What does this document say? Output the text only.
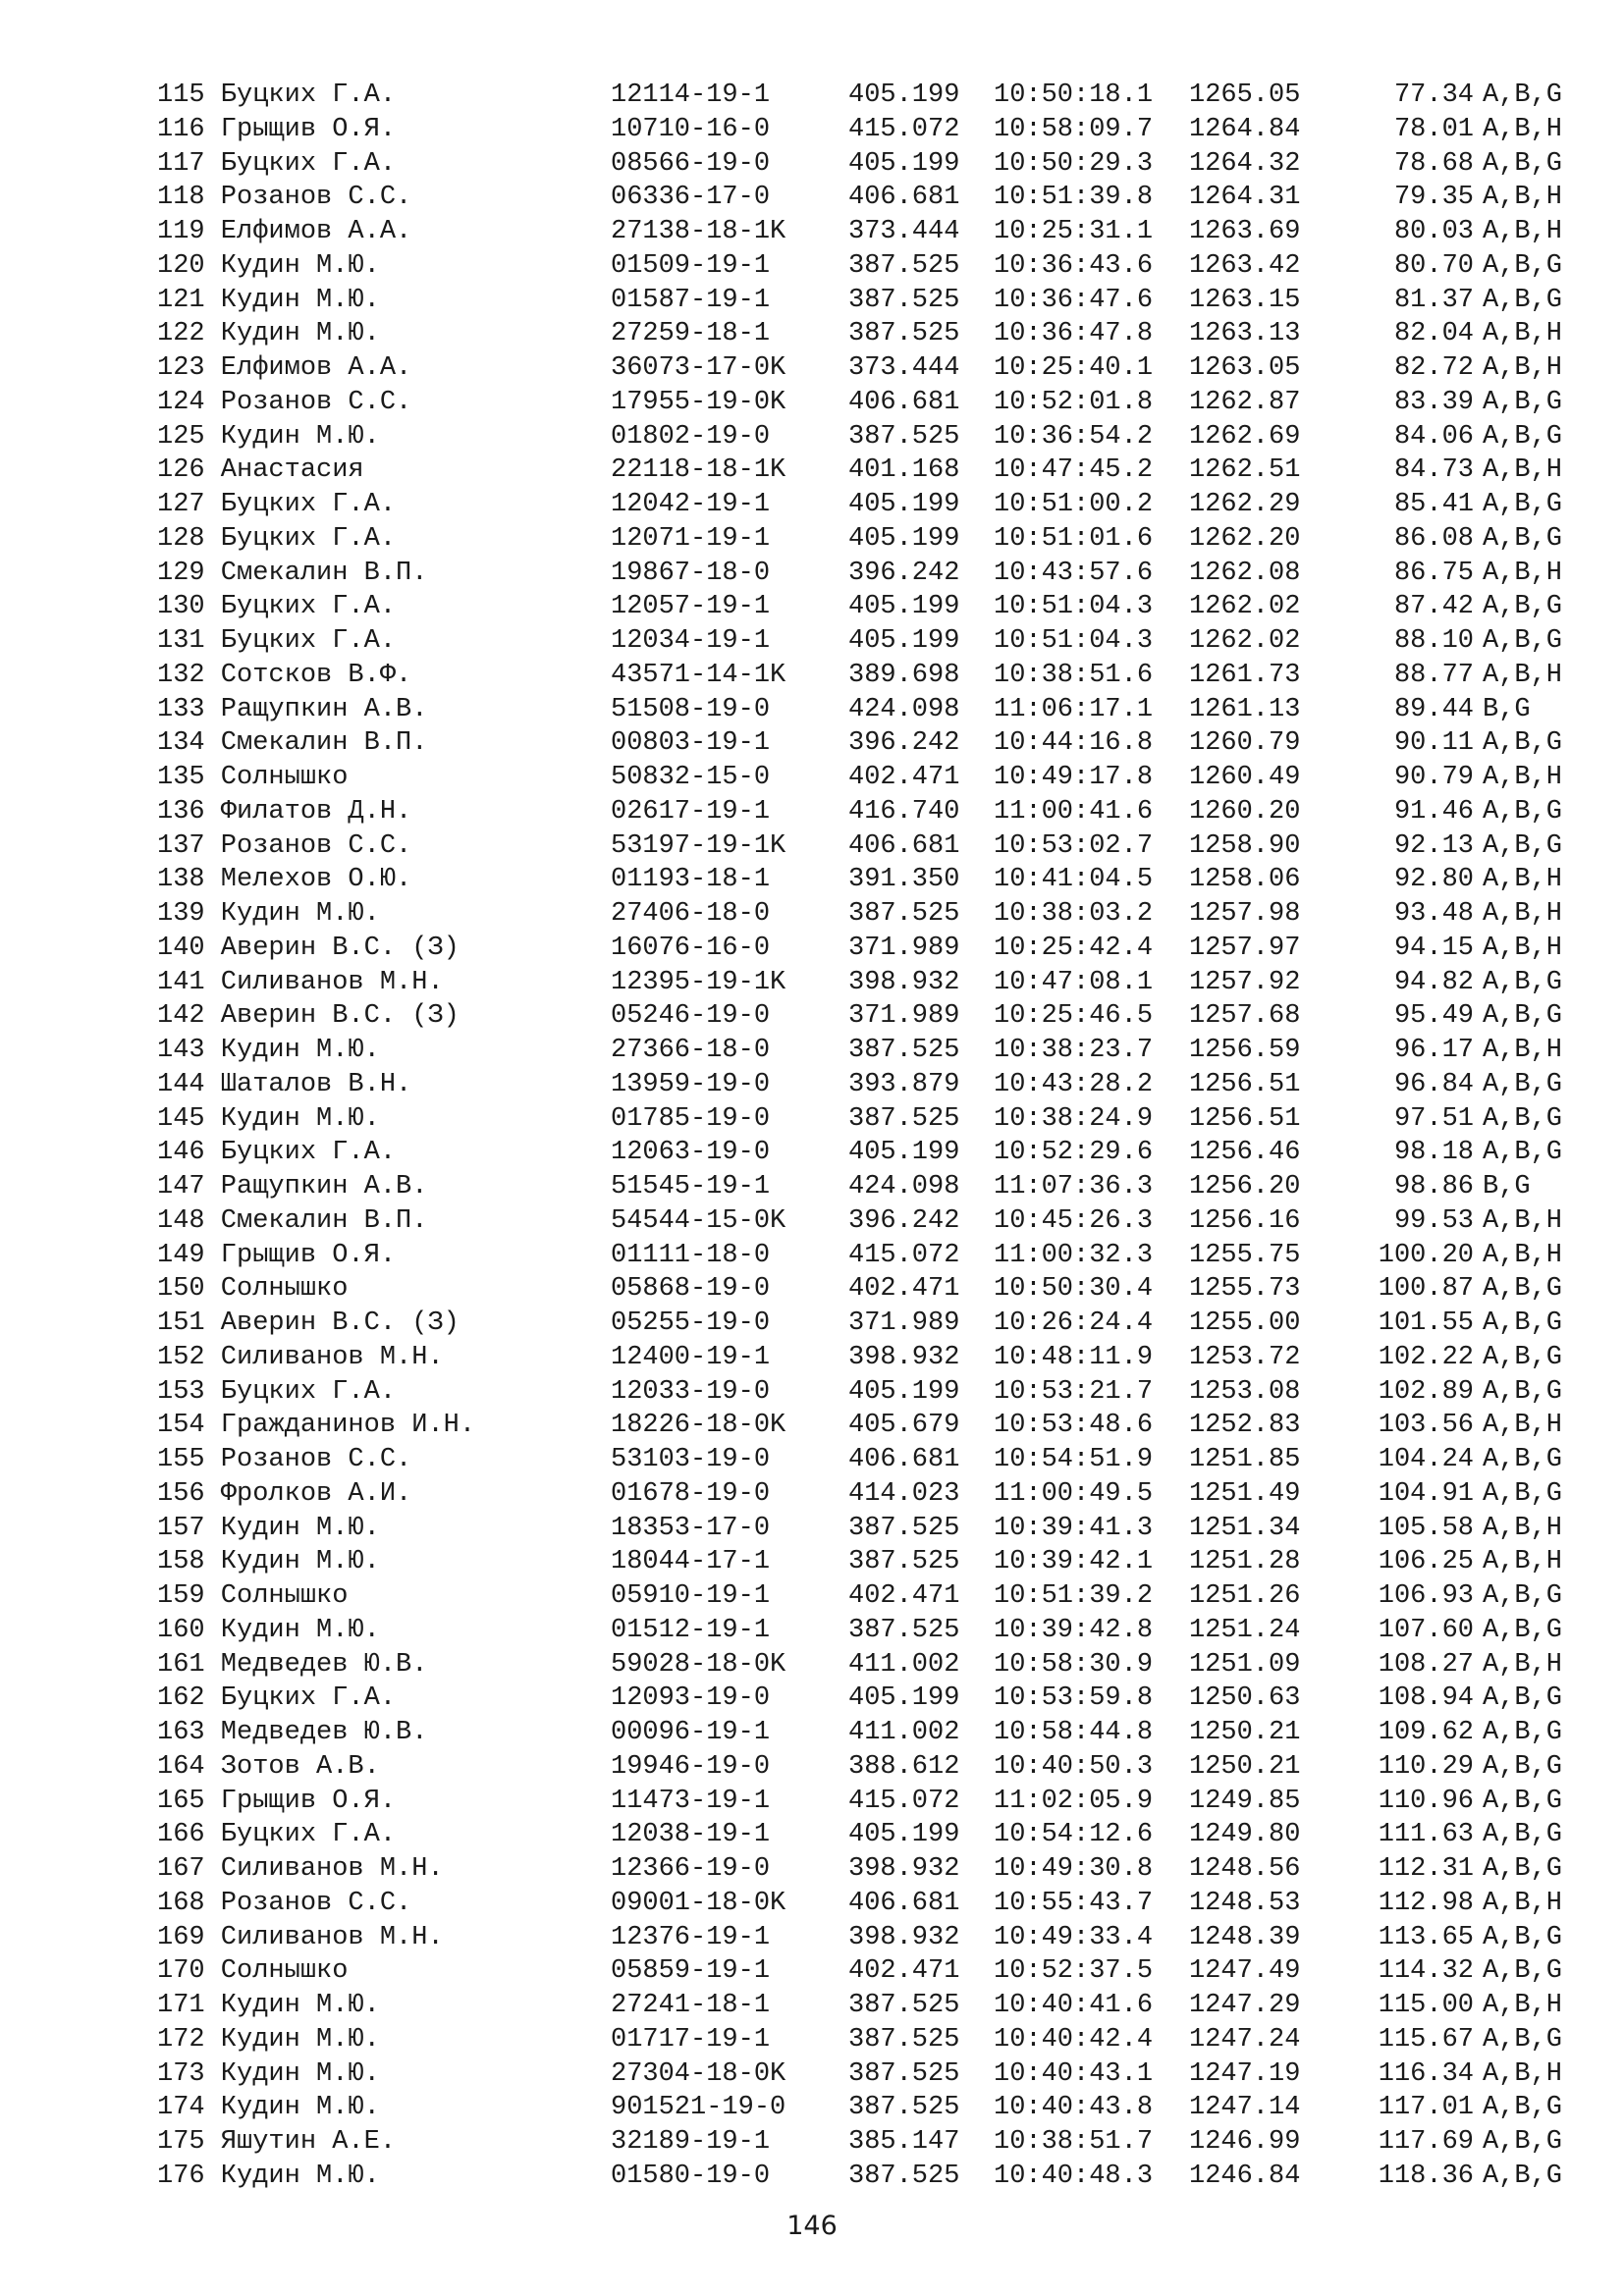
115 Буцких Г.А.	12114-19-1	405.199 10:50:18.1 1265.05	77.34 A,B,G
116 Грыщив О.Я.	10710-16-0	415.072 10:58:09.7 1264.84	78.01 A,B,H
117 Буцких Г.А.	08566-19-0	405.199 10:50:29.3 1264.32	78.68 A,B,G
118 Розанов С.С.	06336-17-0	406.681 10:51:39.8 1264.31	79.35 A,B,H
119 Елфимов А.А.	27138-18-1K 373.444 10:25:31.1 1263.69	80.03 A,B,H
120 Кудин М.Ю.	01509-19-1	387.525 10:36:43.6 1263.42	80.70 A,B,G
121 Кудин М.Ю.	01587-19-1	387.525 10:36:47.6 1263.15	81.37 A,B,G
122 Кудин М.Ю.	27259-18-1	387.525 10:36:47.8 1263.13	82.04 A,B,H
123 Елфимов А.А.	36073-17-0K 373.444 10:25:40.1 1263.05	82.72 A,B,H
124 Розанов С.С.	17955-19-0K 406.681 10:52:01.8 1262.87	83.39 A,B,G
125 Кудин М.Ю.	01802-19-0	387.525 10:36:54.2 1262.69	84.06 A,B,G
126 Анастасия	22118-18-1K 401.168 10:47:45.2 1262.51	84.73 A,B,H
127 Буцких Г.А.	12042-19-1	405.199 10:51:00.2 1262.29	85.41 A,B,G
128 Буцких Г.А.	12071-19-1	405.199 10:51:01.6 1262.20	86.08 A,B,G
129 Смекалин В.П.	19867-18-0	396.242 10:43:57.6 1262.08	86.75 A,B,H
130 Буцких Г.А.	12057-19-1	405.199 10:51:04.3 1262.02	87.42 A,B,G
131 Буцких Г.А.	12034-19-1	405.199 10:51:04.3 1262.02	88.10 A,B,G
132 Сотсков В.Ф.	43571-14-1K 389.698 10:38:51.6 1261.73	88.77 A,B,H
133 Ращупкин А.В.	51508-19-0	424.098 11:06:17.1 1261.13	89.44 B,G
134 Смекалин В.П.	00803-19-1	396.242 10:44:16.8 1260.79	90.11 A,B,G
135 Солнышко	50832-15-0	402.471 10:49:17.8 1260.49	90.79 A,B,H
136 Филатов Д.Н.	02617-19-1	416.740 11:00:41.6 1260.20	91.46 A,B,G
137 Розанов С.С.	53197-19-1K 406.681 10:53:02.7 1258.90	92.13 A,B,G
138 Мелехов О.Ю.	01193-18-1	391.350 10:41:04.5 1258.06	92.80 A,B,H
139 Кудин М.Ю.	27406-18-0	387.525 10:38:03.2 1257.98	93.48 A,B,H
140 Аверин В.С. (З)	16076-16-0	371.989 10:25:42.4 1257.97	94.15 A,B,H
141 Силиванов М.Н.	12395-19-1K 398.932 10:47:08.1 1257.92	94.82 A,B,G
142 Аверин В.С. (З)	05246-19-0	371.989 10:25:46.5 1257.68	95.49 A,B,G
143 Кудин М.Ю.	27366-18-0	387.525 10:38:23.7 1256.59	96.17 A,B,H
144 Шаталов В.Н.	13959-19-0	393.879 10:43:28.2 1256.51	96.84 A,B,G
145 Кудин М.Ю.	01785-19-0	387.525 10:38:24.9 1256.51	97.51 A,B,G
146 Буцких Г.А.	12063-19-0	405.199 10:52:29.6 1256.46	98.18 A,B,G
147 Ращупкин А.В.	51545-19-1	424.098 11:07:36.3 1256.20	98.86 B,G
148 Смекалин В.П.	54544-15-0K 396.242 10:45:26.3 1256.16	99.53 A,B,H
149 Грыщив О.Я.	01111-18-0	415.072 11:00:32.3 1255.75	100.20 A,B,H
150 Солнышко	05868-19-0	402.471 10:50:30.4 1255.73	100.87 A,B,G
151 Аверин В.С. (З)	05255-19-0	371.989 10:26:24.4 1255.00	101.55 A,B,G
152 Силиванов М.Н.	12400-19-1	398.932 10:48:11.9 1253.72	102.22 A,B,G
153 Буцких Г.А.	12033-19-0	405.199 10:53:21.7 1253.08	102.89 A,B,G
154 Гражданинов И.Н.	18226-18-0K 405.679 10:53:48.6 1252.83	103.56 A,B,H
155 Розанов С.С.	53103-19-0	406.681 10:54:51.9 1251.85	104.24 A,B,G
156 Фролков А.И.	01678-19-0	414.023 11:00:49.5 1251.49	104.91 A,B,G
157 Кудин М.Ю.	18353-17-0	387.525 10:39:41.3 1251.34	105.58 A,B,H
158 Кудин М.Ю.	18044-17-1	387.525 10:39:42.1 1251.28	106.25 A,B,H
159 Солнышко	05910-19-1	402.471 10:51:39.2 1251.26	106.93 A,B,G
160 Кудин М.Ю.	01512-19-1	387.525 10:39:42.8 1251.24	107.60 A,B,G
161 Медведев Ю.В.	59028-18-0K 411.002 10:58:30.9 1251.09	108.27 A,B,H
162 Буцких Г.А.	12093-19-0	405.199 10:53:59.8 1250.63	108.94 A,B,G
163 Медведев Ю.В.	00096-19-1	411.002 10:58:44.8 1250.21	109.62 A,B,G
164 Зотов А.В.	19946-19-0	388.612 10:40:50.3 1250.21	110.29 A,B,G
165 Грыщив О.Я.	11473-19-1	415.072 11:02:05.9 1249.85	110.96 A,B,G
166 Буцких Г.А.	12038-19-1	405.199 10:54:12.6 1249.80	111.63 A,B,G
167 Силиванов М.Н.	12366-19-0	398.932 10:49:30.8 1248.56	112.31 A,B,G
168 Розанов С.С.	09001-18-0K 406.681 10:55:43.7 1248.53	112.98 A,B,H
169 Силиванов М.Н.	12376-19-1	398.932 10:49:33.4 1248.39	113.65 A,B,G
170 Солнышко	05859-19-1	402.471 10:52:37.5 1247.49	114.32 A,B,G
171 Кудин М.Ю.	27241-18-1	387.525 10:40:41.6 1247.29	115.00 A,B,H
172 Кудин М.Ю.	01717-19-1	387.525 10:40:42.4 1247.24	115.67 A,B,G
173 Кудин М.Ю.	27304-18-0K 387.525 10:40:43.1 1247.19	116.34 A,B,H
174 Кудин М.Ю.	901521-19-0 387.525 10:40:43.8 1247.14	117.01 A,B,G
175 Яшутин А.Е.	32189-19-1	385.147 10:38:51.7 1246.99	117.69 A,B,G
176 Кудин М.Ю.	01580-19-0	387.525 10:40:48.3 1246.84	118.36 A,B,G
146
